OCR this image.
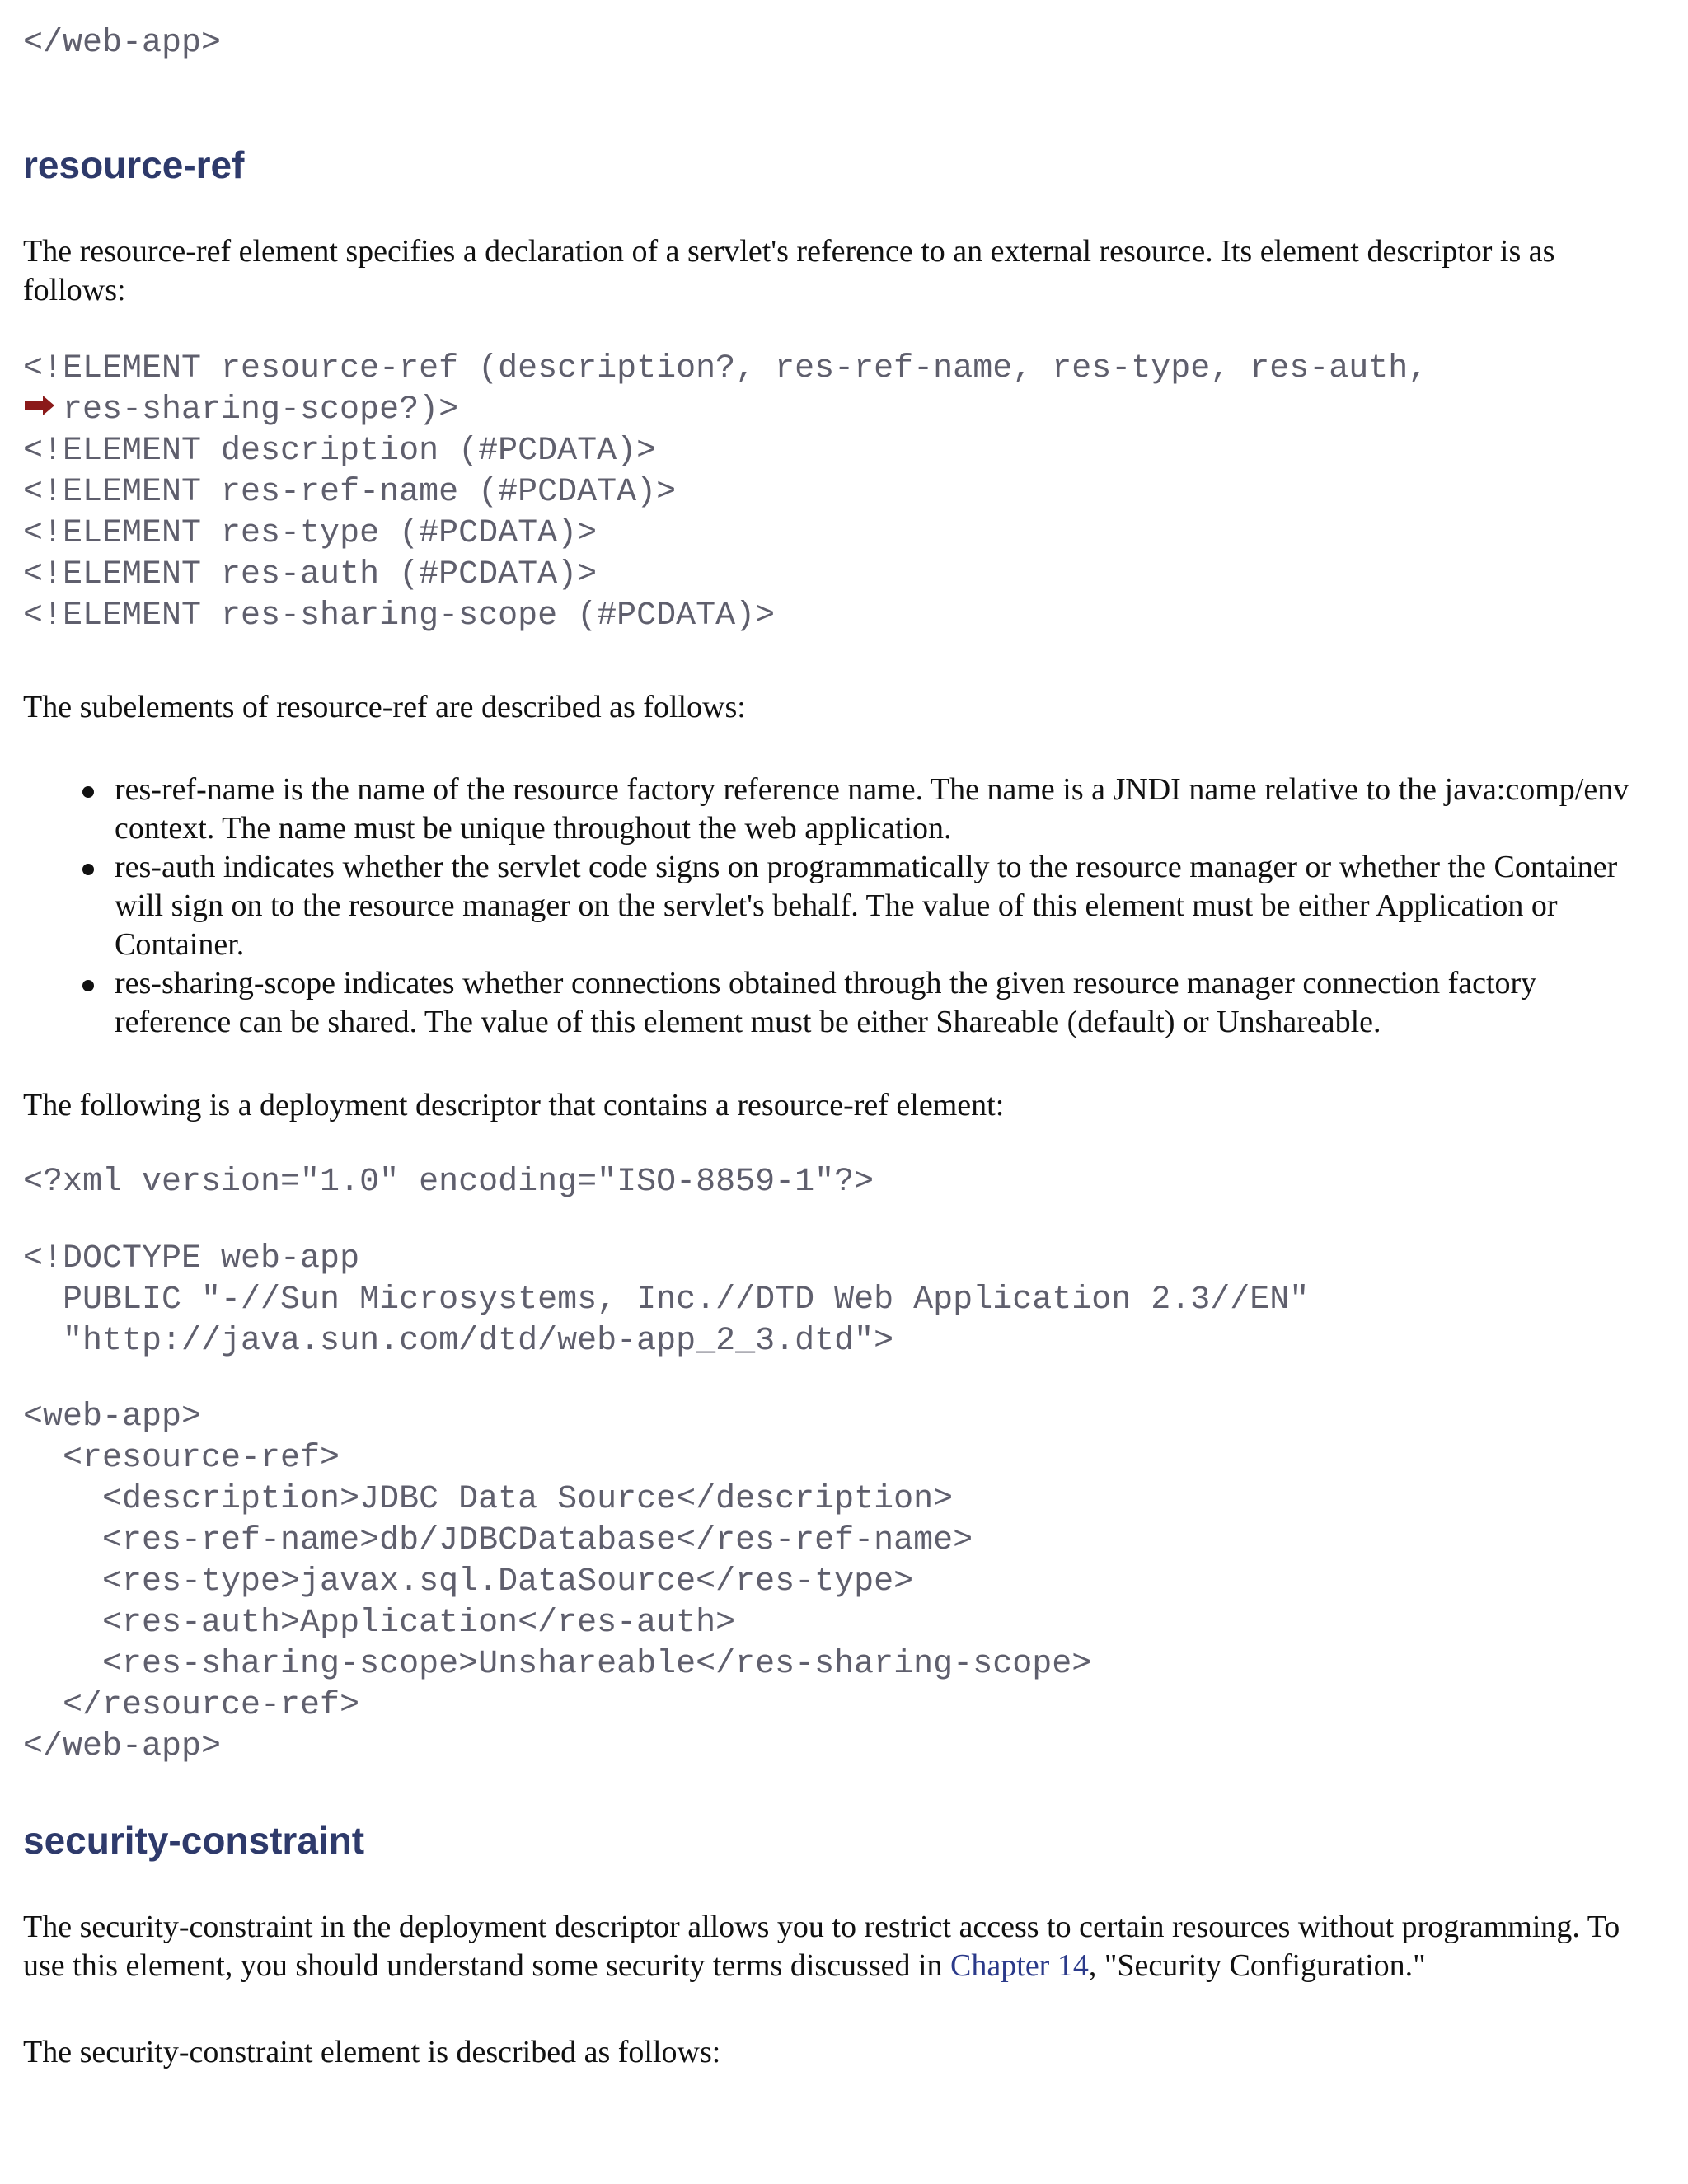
</web-app>
resource-ref

The resource-ref element specifies a declaration of a servlet's reference to an external resource. Its element descriptor is as follows:

<!ELEMENT resource-ref (description?, res-ref-name, res-type, res-auth,
res-sharing-scope?)>
<!ELEMENT description (#PCDATA)>
<!ELEMENT res-ref-name (#PCDATA)>
<!ELEMENT res-type (#PCDATA)>
<!ELEMENT res-auth (#PCDATA)>
<!ELEMENT res-sharing-scope (#PCDATA)>

The subelements of resource-ref are described as follows:

res-ref-name is the name of the resource factory reference name. The name is a JNDI name relative to the java:comp/env context. The name must be unique throughout the web application.
res-auth indicates whether the servlet code signs on programmatically to the resource manager or whether the Container will sign on to the resource manager on the servlet's behalf. The value of this element must be either Application or Container.
res-sharing-scope indicates whether connections obtained through the given resource manager connection factory reference can be shared. The value of this element must be either Shareable (default) or Unshareable.

The following is a deployment descriptor that contains a resource-ref element:

<?xml version="1.0" encoding="ISO-8859-1"?>
<!DOCTYPE web-app
PUBLIC "-//Sun Microsystems, Inc.//DTD Web Application 2.3//EN"
"http://java.sun.com/dtd/web-app_2_3.dtd">
<web-app>
<resource-ref>
<description>JDBC Data Source</description>
<res-ref-name>db/JDBCDatabase</res-ref-name>
<res-type>javax.sql.DataSource</res-type>
<res-auth>Application</res-auth>
<res-sharing-scope>Unshareable</res-sharing-scope>
</resource-ref>
</web-app>
security-constraint

The security-constraint in the deployment descriptor allows you to restrict access to certain resources without programming. To use this element, you should understand some security terms discussed in Chapter 14, "Security Configuration."

The security-constraint element is described as follows:
